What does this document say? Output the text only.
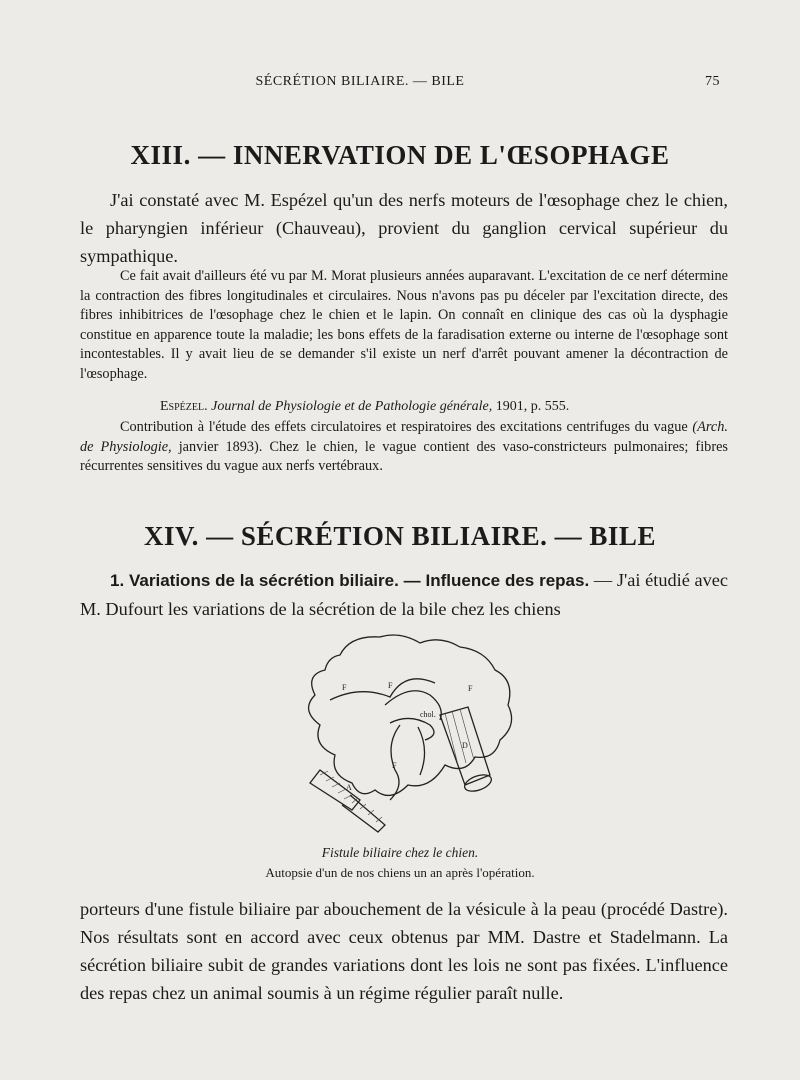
SÉCRÉTION BILIAIRE. — BILE	75
XIII. — INNERVATION DE L'ŒSOPHAGE

J'ai constaté avec M. Espézel qu'un des nerfs moteurs de l'œsophage chez le chien, le pharyngien inférieur (Chauveau), provient du ganglion cervical supérieur du sympathique.

Ce fait avait d'ailleurs été vu par M. Morat plusieurs années auparavant. L'excitation de ce nerf détermine la contraction des fibres longitudinales et circulaires. Nous n'avons pas pu déceler par l'excitation directe, des fibres inhibitrices de l'œsophage chez le chien et le lapin. On connaît en clinique des cas où la dysphagie constitue en apparence toute la maladie; les bons effets de la faradisation externe ou interne de l'œsophage sont incontestables. Il y avait lieu de se demander s'il existe un nerf d'arrêt pouvant amener la décontraction de l'œsophage.

Espézel. Journal de Physiologie et de Pathologie générale, 1901, p. 555.

Contribution à l'étude des effets circulatoires et respiratoires des excitations centrifuges du vague (Arch. de Physiologie, janvier 1893). Chez le chien, le vague contient des vaso-constricteurs pulmonaires; fibres récurrentes sensitives du vague aux nerfs vertébraux.

XIV. — SÉCRÉTION BILIAIRE. — BILE

1. Variations de la sécrétion biliaire. — Influence des repas. — J'ai étudié avec M. Dufourt les variations de la sécrétion de la bile chez les chiens

F	F	F
F
chol.
D
A

Fistule biliaire chez le chien.

Autopsie d'un de nos chiens un an après l'opération.

porteurs d'une fistule biliaire par abouchement de la vésicule à la peau (procédé Dastre). Nos résultats sont en accord avec ceux obtenus par MM. Dastre et Stadelmann. La sécrétion biliaire subit de grandes variations dont les lois ne sont pas fixées. L'influence des repas chez un animal soumis à un régime régulier paraît nulle.
